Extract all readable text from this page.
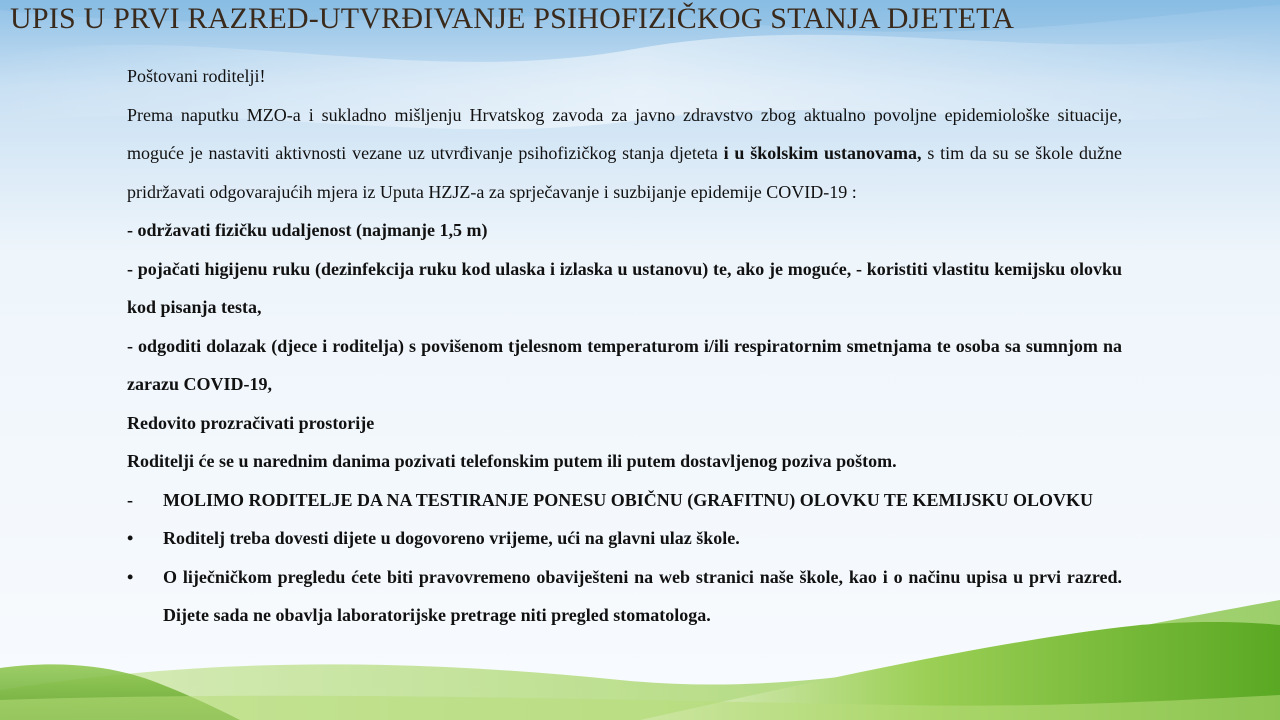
UPIS U PRVI RAZRED-UTVRĐIVANJE PSIHOFIZIČKOG STANJA DJETETA

Poštovani roditelji!

Prema naputku MZO-a i sukladno mišljenju Hrvatskog zavoda za javno zdravstvo zbog aktualno povoljne epidemiološke situacije, moguće je nastaviti aktivnosti vezane uz utvrđivanje psihofizičkog stanja djeteta i u školskim ustanovama, s tim da su se škole dužne pridržavati odgovarajućih mjera iz Uputa HZJZ-a za sprječavanje i suzbijanje epidemije COVID-19 :

- održavati fizičku udaljenost (najmanje 1,5 m)

- pojačati higijenu ruku (dezinfekcija ruku kod ulaska i izlaska u ustanovu) te, ako je moguće, - koristiti vlastitu kemijsku olovku kod pisanja testa,

- odgoditi dolazak (djece i roditelja) s povišenom tjelesnom temperaturom i/ili respiratornim smetnjama te osoba sa sumnjom na zarazu COVID-19,

Redovito prozračivati prostorije

Roditelji će se u narednim danima pozivati telefonskim putem ili putem dostavljenog poziva poštom.

-	MOLIMO RODITELJE DA NA TESTIRANJE PONESU OBIČNU (GRAFITNU) OLOVKU TE KEMIJSKU OLOVKU
•	Roditelj treba dovesti dijete u dogovoreno vrijeme, ući na glavni ulaz škole.
•	O liječničkom pregledu ćete biti pravovremeno obaviješteni na web stranici naše škole, kao i o načinu upisa u prvi razred. Dijete sada ne obavlja laboratorijske pretrage niti pregled stomatologa.
